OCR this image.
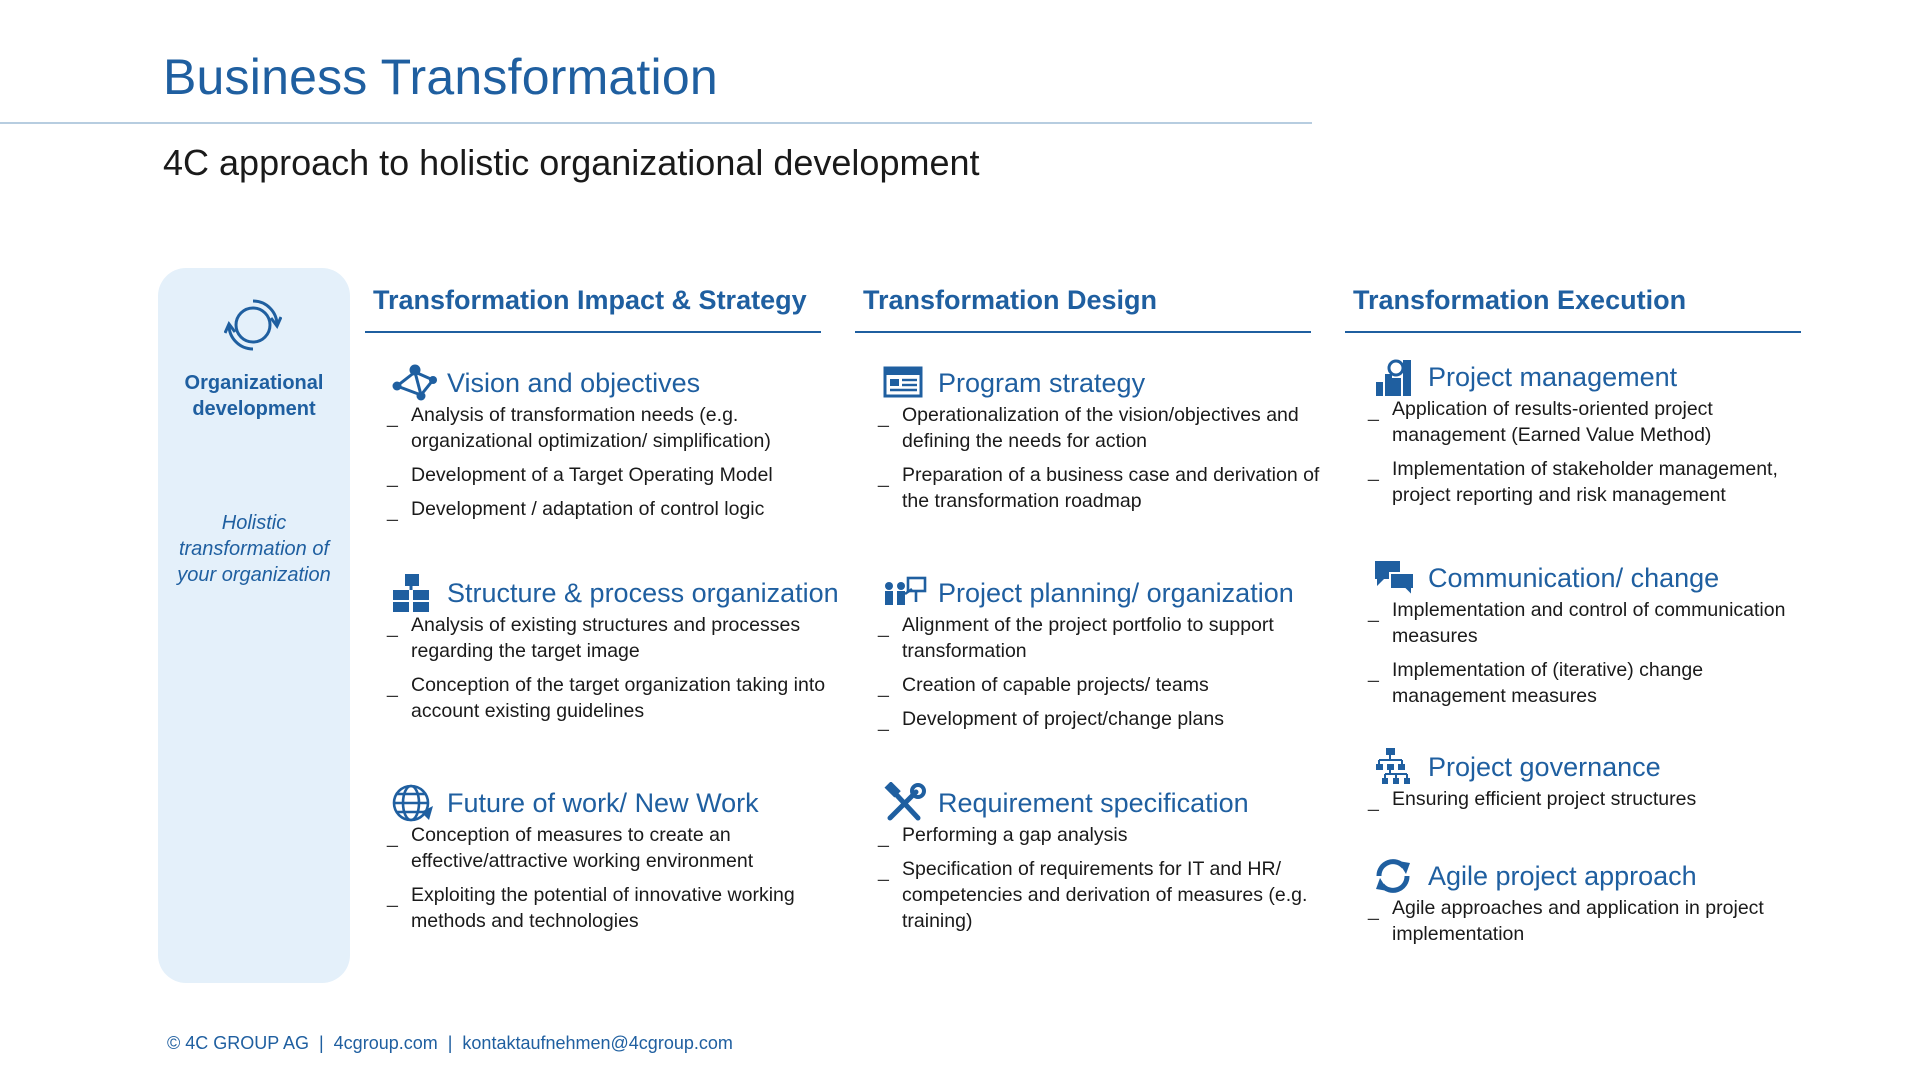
Business Transformation
4C approach to holistic organizational development
Organizational development
Holistic transformation of your organization
Transformation Impact & Strategy Transformation Design	Transformation Execution
Vision and objectives
_ Analysis of transformation needs (e.g. organizational optimization/ simplification)
_ Development of a Target Operating Model
_ Development / adaptation of control logic
Structure & process organization
_ Analysis of existing structures and processes regarding the target image
_ Conception of the target organization taking into account existing guidelines
Future of work/ New Work
_ Conception of measures to create an effective/attractive working environment
_ Exploiting the potential of innovative working methods and technologies
Program strategy
_ Operationalization of the vision/objectives and defining the needs for action
_ Preparation of a business case and derivation of the transformation roadmap
Project planning/ organization
_ Alignment of the project portfolio to support transformation
_ Creation of capable projects/ teams
_ Development of project/change plans
Requirement specification
_ Performing a gap analysis
_ Specification of requirements for IT and HR/ competencies and derivation of measures (e.g. training)
Project management
_ Application of results-oriented project management (Earned Value Method)
_ Implementation of stakeholder management, project reporting and risk management
Communication/ change
_ Implementation and control of communication measures
_ Implementation of (iterative) change management measures
Project governance
_ Ensuring efficient project structures
Agile project approach
_ Agile approaches and application in project implementation
© 4C GROUP AG | 4cgroup.com | kontaktaufnehmen@4cgroup.com
